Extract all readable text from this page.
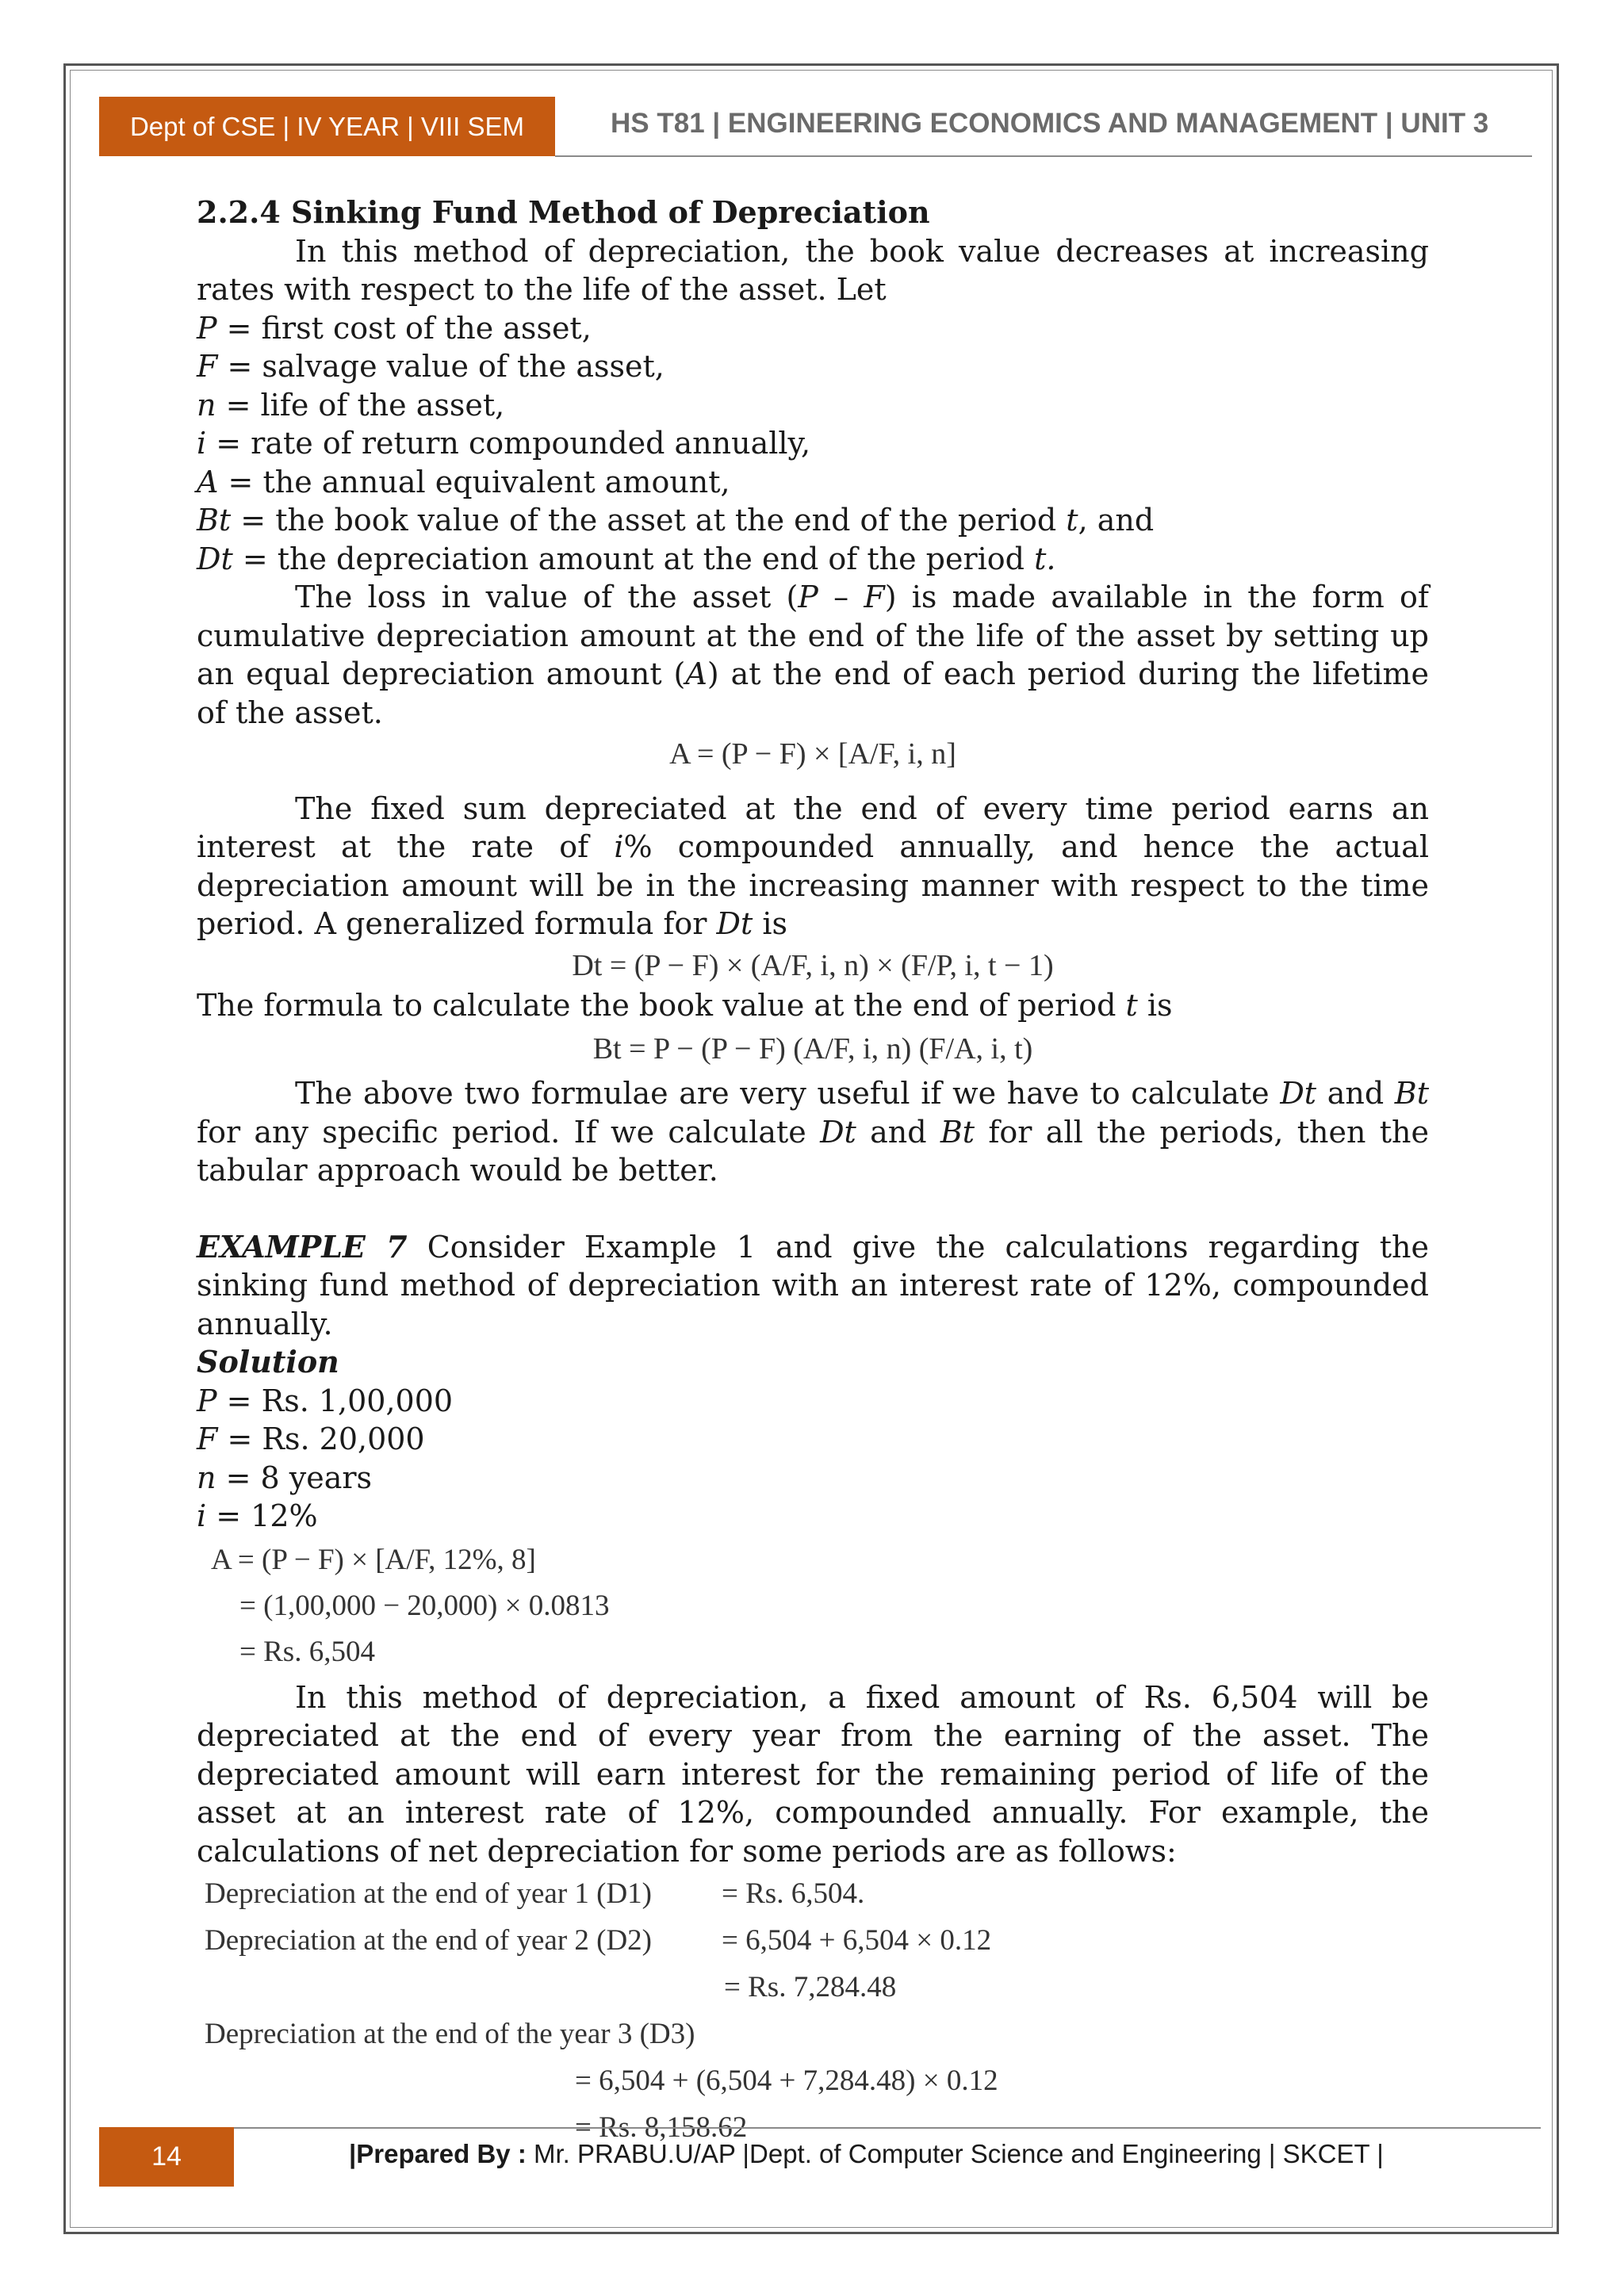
Dept of CSE | IV YEAR | VIII SEM	HS T81 | ENGINEERING ECONOMICS AND MANAGEMENT | UNIT 3

2.2.4 Sinking Fund Method of Depreciation

In this method of depreciation, the book value decreases at increasing rates with respect to the life of the asset. Let

P = first cost of the asset,

F = salvage value of the asset,

n = life of the asset,

i = rate of return compounded annually,

A = the annual equivalent amount,

Bt = the book value of the asset at the end of the period t, and

Dt = the depreciation amount at the end of the period t.

The loss in value of the asset (P – F) is made available in the form of cumulative depreciation amount at the end of the life of the asset by setting up an equal depreciation amount (A) at the end of each period during the lifetime of the asset.

A = (P − F) × [A/F, i, n]

The fixed sum depreciated at the end of every time period earns an interest at the rate of i% compounded annually, and hence the actual depreciation amount will be in the increasing manner with respect to the time period. A generalized formula for Dt is

Dt = (P − F) × (A/F, i, n) × (F/P, i, t − 1)

The formula to calculate the book value at the end of period t is

Bt = P − (P − F) (A/F, i, n) (F/A, i, t)

The above two formulae are very useful if we have to calculate Dt and Bt for any specific period. If we calculate Dt and Bt for all the periods, then the tabular approach would be better.

EXAMPLE 7 Consider Example 1 and give the calculations regarding the sinking fund method of depreciation with an interest rate of 12%, compounded annually.

Solution

P = Rs. 1,00,000

F = Rs. 20,000

n = 8 years

i = 12%

A = (P − F) × [A/F, 12%, 8]
= (1,00,000 − 20,000) × 0.0813
= Rs. 6,504

In this method of depreciation, a fixed amount of Rs. 6,504 will be depreciated at the end of every year from the earning of the asset. The depreciated amount will earn interest for the remaining period of life of the asset at an interest rate of 12%, compounded annually. For example, the calculations of net depreciation for some periods are as follows:

Depreciation at the end of year 1 (D1) = Rs. 6,504.
Depreciation at the end of year 2 (D2) = 6,504 + 6,504 × 0.12
= Rs. 7,284.48
Depreciation at the end of the year 3 (D3)
= 6,504 + (6,504 + 7,284.48) × 0.12
= Rs. 8,158.62
14	|Prepared By : Mr. PRABU.U/AP |Dept. of Computer Science and Engineering | SKCET |
